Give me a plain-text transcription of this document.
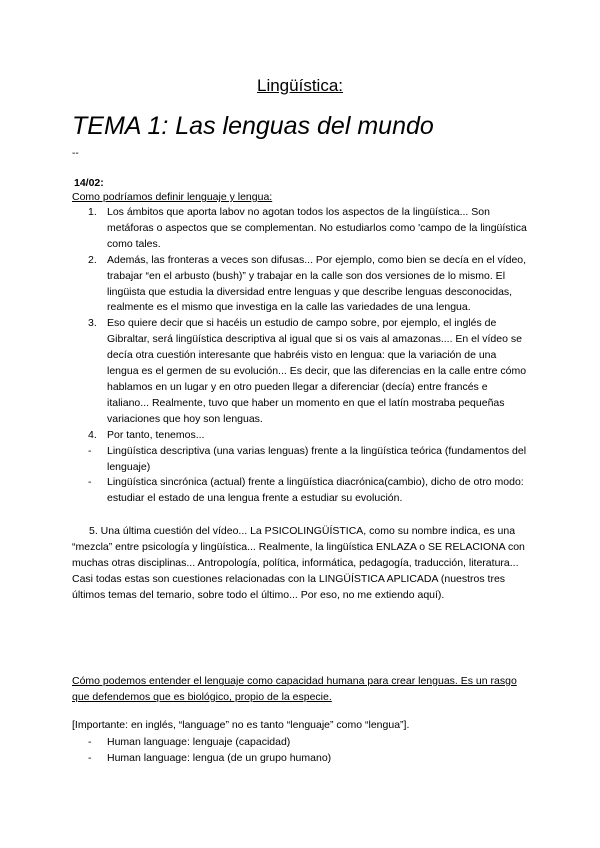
Lingüística:
TEMA 1: Las lenguas del mundo
--
14/02:
Como podríamos definir lenguaje y lengua:
1. Los ámbitos que aporta labov no agotan todos los aspectos de la lingüística... Son metáforas o aspectos que se complementan. No estudiarlos como 'campo de la lingüística como tales.
2. Además, las fronteras a veces son difusas... Por ejemplo, como bien se decía en el vídeo, trabajar “en el arbusto (bush)” y trabajar en la calle son dos versiones de lo mismo. El lingüista que estudia la diversidad entre lenguas y que describe lenguas desconocidas, realmente es el mismo que investiga en la calle las variedades de una lengua.
3. Eso quiere decir que si hacéis un estudio de campo sobre, por ejemplo, el inglés de Gibraltar, será lingüística descriptiva al igual que si os vais al amazonas.... En el vídeo se decía otra cuestión interesante que habréis visto en lengua: que la variación de una lengua es el germen de su evolución... Es decir, que las diferencias en la calle entre cómo hablamos en un lugar y en otro pueden llegar a diferenciar (decía) entre francés e italiano... Realmente, tuvo que haber un momento en que el latín mostraba pequeñas variaciones que hoy son lenguas.
4. Por tanto, tenemos...
-	Lingüística descriptiva (una varias lenguas) frente a la lingüística teórica (fundamentos del lenguaje)
-	Lingüística sincrónica (actual) frente a lingüística diacrónica(cambio), dicho de otro modo: estudiar el estado de una lengua frente a estudiar su evolución.
5. Una última cuestión del vídeo... La PSICOLINGÜÍSTICA, como su nombre indica, es una “mezcla” entre psicología y lingüística... Realmente, la lingüística ENLAZA o SE RELACIONA con muchas otras disciplinas... Antropología, política, informática, pedagogía, traducción, literatura... Casi todas estas son cuestiones relacionadas con la LINGÜÍSTICA APLICADA (nuestros tres últimos temas del temario, sobre todo el último... Por eso, no me extiendo aquí).
Cómo podemos entender el lenguaje como capacidad humana para crear lenguas. Es un rasgo que defendemos que es biológico, propio de la especie.
[Importante: en inglés, “language” no es tanto “lenguaje” como “lengua”].
-	Human language: lenguaje (capacidad)
-	Human language: lengua (de un grupo humano)
